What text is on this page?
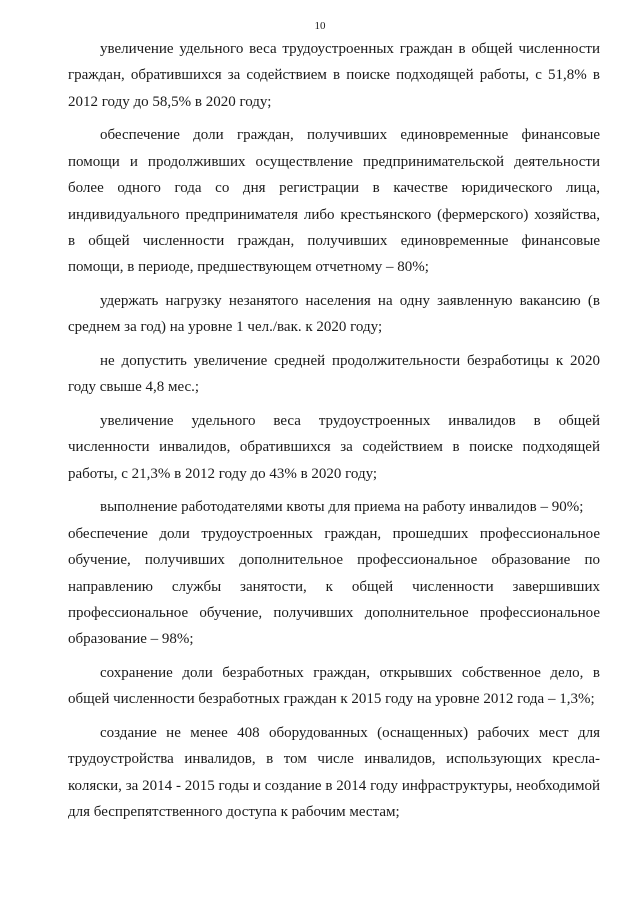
10

увеличение удельного веса трудоустроенных граждан в общей численности граждан, обратившихся за содействием в поиске подходящей работы, с 51,8% в 2012 году до 58,5% в 2020 году;

обеспечение доли граждан, получивших единовременные финансовые помощи и продолживших осуществление предпринимательской деятельности более одного года со дня регистрации в качестве юридического лица, индивидуального предпринимателя либо крестьянского (фермерского) хозяйства, в общей численности граждан, получивших единовременные финансовые помощи, в периоде, предшествующем отчетному – 80%;

удержать нагрузку незанятого населения на одну заявленную вакансию (в среднем за год) на уровне 1 чел./вак. к 2020 году;

не допустить увеличение средней продолжительности безработицы к 2020 году свыше 4,8 мес.;

увеличение удельного веса трудоустроенных инвалидов в общей численности инвалидов, обратившихся за содействием в поиске подходящей работы, с 21,3% в 2012 году до 43% в 2020 году;

выполнение работодателями квоты для приема на работу инвалидов – 90%;

обеспечение доли трудоустроенных граждан, прошедших профессиональное обучение, получивших дополнительное профессиональное образование по направлению службы занятости, к общей численности завершивших профессиональное обучение, получивших дополнительное профессиональное образование – 98%;

сохранение доли безработных граждан, открывших собственное дело, в общей численности безработных граждан к 2015 году на уровне 2012 года – 1,3%;

создание не менее 408 оборудованных (оснащенных) рабочих мест для трудоустройства инвалидов, в том числе инвалидов, использующих кресла-коляски, за 2014 - 2015 годы и создание в 2014 году инфраструктуры, необходимой для беспрепятственного доступа к рабочим местам;
